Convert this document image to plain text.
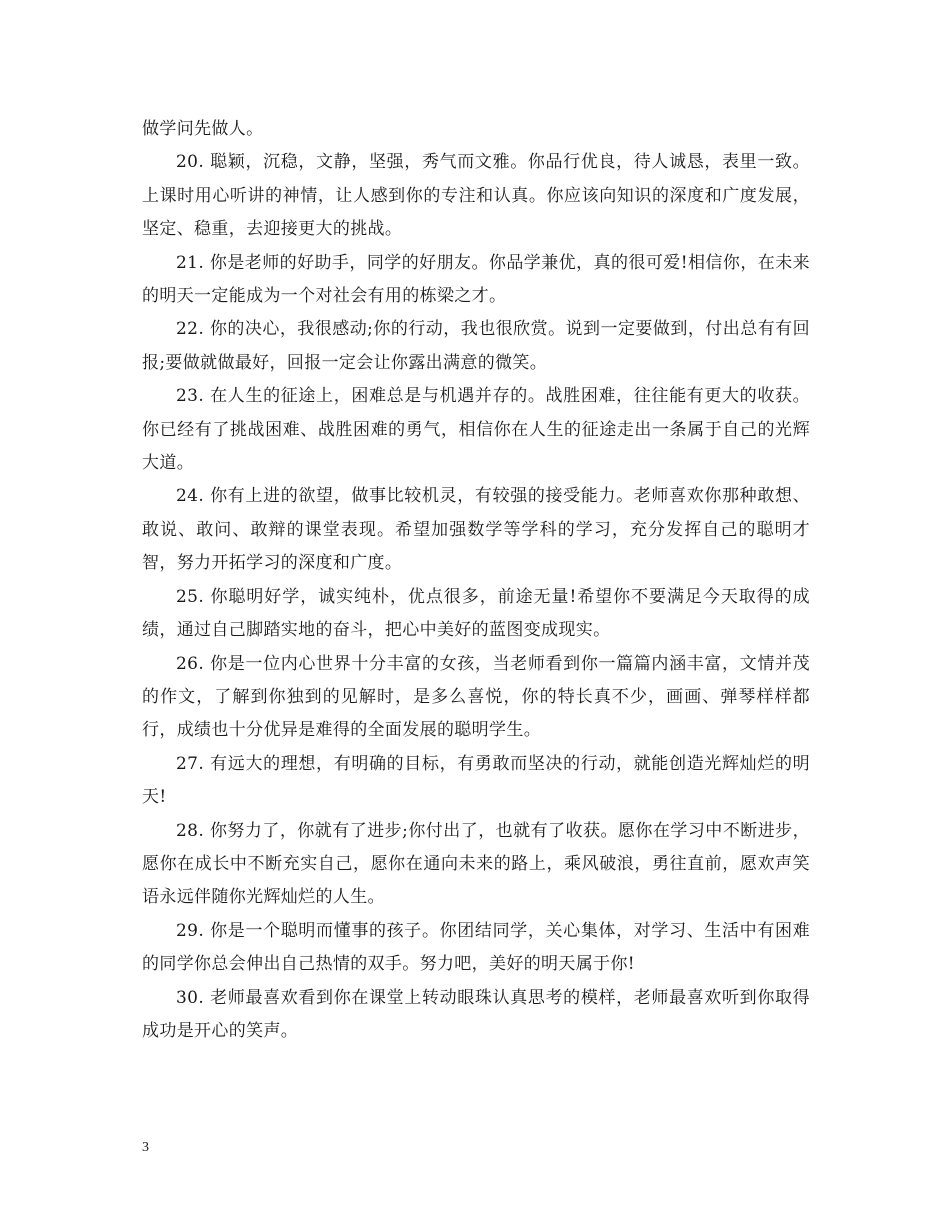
做学问先做人。

20. 聪颖，沉稳，文静，坚强，秀气而文雅。你品行优良，待人诚恳，表里一致。上课时用心听讲的神情，让人感到你的专注和认真。你应该向知识的深度和广度发展，坚定、稳重，去迎接更大的挑战。

21. 你是老师的好助手，同学的好朋友。你品学兼优，真的很可爱!相信你，在未来的明天一定能成为一个对社会有用的栋梁之才。

22. 你的决心，我很感动;你的行动，我也很欣赏。说到一定要做到，付出总有有回报;要做就做最好，回报一定会让你露出满意的微笑。

23. 在人生的征途上，困难总是与机遇并存的。战胜困难，往往能有更大的收获。你已经有了挑战困难、战胜困难的勇气，相信你在人生的征途走出一条属于自己的光辉大道。

24. 你有上进的欲望，做事比较机灵，有较强的接受能力。老师喜欢你那种敢想、敢说、敢问、敢辩的课堂表现。希望加强数学等学科的学习，充分发挥自己的聪明才智，努力开拓学习的深度和广度。

25. 你聪明好学，诚实纯朴，优点很多，前途无量!希望你不要满足今天取得的成绩，通过自己脚踏实地的奋斗，把心中美好的蓝图变成现实。

26. 你是一位内心世界十分丰富的女孩，当老师看到你一篇篇内涵丰富，文情并茂的作文，了解到你独到的见解时，是多么喜悦，你的特长真不少，画画、弹琴样样都行，成绩也十分优异是难得的全面发展的聪明学生。

27. 有远大的理想，有明确的目标，有勇敢而坚决的行动，就能创造光辉灿烂的明天!

28. 你努力了，你就有了进步;你付出了，也就有了收获。愿你在学习中不断进步，愿你在成长中不断充实自己，愿你在通向未来的路上，乘风破浪，勇往直前，愿欢声笑语永远伴随你光辉灿烂的人生。

29. 你是一个聪明而懂事的孩子。你团结同学，关心集体，对学习、生活中有困难的同学你总会伸出自己热情的双手。努力吧，美好的明天属于你!

30. 老师最喜欢看到你在课堂上转动眼珠认真思考的模样，老师最喜欢听到你取得成功是开心的笑声。

3
